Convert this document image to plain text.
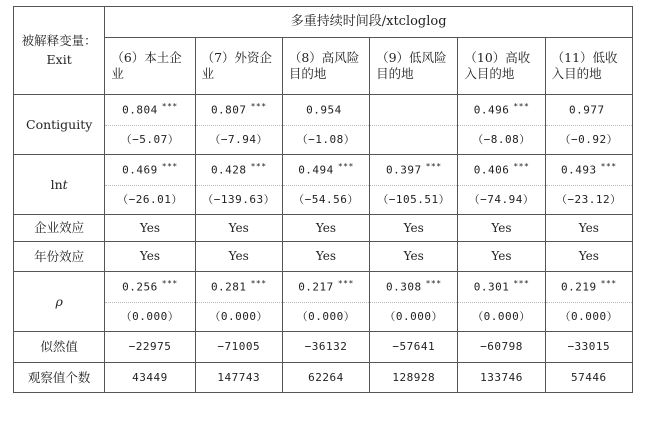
被解释变量：
Exit	多重持续时间段/xtcloglog					
	（6）本土企业	（7）外资企业	（8）高风险目的地	（9）低风险目的地	（10）高收入目的地	（11）低收入目的地
Contiguity	0.804 ***	0.807 ***	0.954		0.496 ***	0.977
	（−5.07）	（−7.94）	（−1.08）		（−8.08）	（−0.92）
lnt	0.469 ***	0.428 ***	0.494 ***	0.397 ***	0.406 ***	0.493 ***
	（−26.01）	（−139.63）	（−54.56）	（−105.51）	（−74.94）	（−23.12）
企业效应	Yes	Yes	Yes	Yes	Yes	Yes
年份效应	Yes	Yes	Yes	Yes	Yes	Yes
ρ	0.256 ***	0.281 ***	0.217 ***	0.308 ***	0.301 ***	0.219 ***
	（0.000）	（0.000）	（0.000）	（0.000）	（0.000）	（0.000）
似然值	−22975	−71005	−36132	−57641	−60798	−33015
观察值个数	43449	147743	62264	128928	133746	57446
